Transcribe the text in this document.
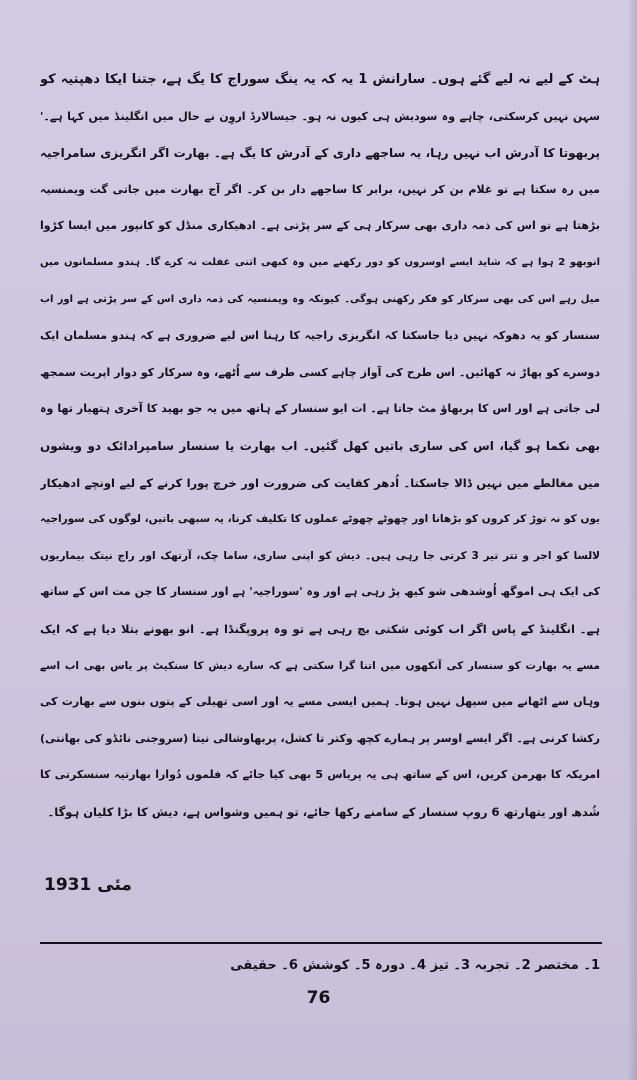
ہٹ کے لیے نہ لیے گئے ہوں۔ سارانش 1 یہ کہ یہ ینگ سوراج کا یگ ہے، جتنا ایکا دھپتیہ کو
سہن نہیں کرسکتی، چاہے وہ سودیش ہی کیوں نہ ہو۔ جیسالارڈ اروِن نے حال میں انگلینڈ میں کہا ہے۔'
پربھوتا کا آدرش اب نہیں رہا، یہ ساجھے داری کے آدرش کا یگ ہے۔ بھارت اگر انگریزی سامراجیہ
میں رہ سکتا ہے تو غلام بن کر نہیں، برابر کا ساجھے دار بن کر۔ اگر آج بھارت میں جاتی گت ویمنسیہ
بڑھتا ہے تو اس کی ذمہ داری بھی سرکار ہی کے سر پڑتی ہے۔ ادھیکاری منڈل کو کانپور میں ایسا کڑوا
انوبھو 2 ہوا ہے کہ شاید ایسے اوسروں کو دور رکھنے میں وہ کبھی اتنی غفلت نہ کرے گا۔ ہندو مسلمانوں میں
میل رہے اس کی بھی سرکار کو فکر رکھنی ہوگی۔ کیونکہ وہ ویمنسیہ کی ذمہ داری اس کے سر پڑتی ہے اور اب
سنسار کو یہ دھوکہ نہیں دیا جاسکتا کہ انگریزی راجیہ کا رہنا اس لیے ضروری ہے کہ ہندو مسلمان ایک
دوسرے کو پھاڑ نہ کھائیں۔ اس طرح کی آواز چاہے کسی طرف سے اُٹھے، وہ سرکار کو دوار اپریت سمجھ
لی جاتی ہے اور اس کا پربھاؤ مٹ جاتا ہے۔ ات ایو سنسار کے ہاتھ میں یہ جو بھید کا آخری ہتھیار تھا وہ
بھی نکما ہو گیا، اس کی ساری باتیں کھل گئیں۔ اب بھارت یا سنسار سامپرادائک دو ویشوں
میں مغالطے میں نہیں ڈالا جاسکتا۔ اُدھر کفایت کی ضرورت اور خرچ پورا کرنے کے لیے اونچے ادھیکار
یوں کو نہ توڑ کر کروں کو بڑھانا اور چھوٹے چھوٹے عملوں کا تکلیف کرنا، یہ سبھی باتیں، لوگوں کی سوراجیہ
لالسا کو اجر و تتر تیر 3 کرتی جا رہی ہیں۔ دیش کو اپنی ساری، ساما چک، آرتھک اور راج نیتک بیماریوں
کی ایک ہی اموگھ اُوشدھی شو کیھ پڑ رہی ہے اور وہ 'سوراجیہ' ہے اور سنسار کا جن مت اس کے ساتھ
ہے۔ انگلینڈ کے پاس اگر اب کوئی شکتی بچ رہی ہے تو وہ پروپگنڈا ہے۔ انو بھونے بتلا دیا ہے کہ ایک
مسے یہ بھارت کو سنسار کی آنکھوں میں اتنا گرا سکتی ہے کہ سارے دیش کا سنکیٹ پر یاس بھی اب اسے
وہاں سے اٹھانے میں سپھل نہیں ہوتا۔ ہمیں ایسی مسے یہ اور اسی تھیلی کے پتوں بنوں سے بھارت کی
رکشا کرنی ہے۔ اگر ایسے اوسر پر ہمارے کچھ وکتر تا کشل، پربھاوشالی نیتا (سروجنی نائڈو کی بھانتی)
امریکہ کا بھرمن کریں، اس کے ساتھ ہی یہ پریاس 5 بھی کیا جائے کہ فلموں دُوارا بھارتیہ سنسکرتی کا
شُدھ اور یتھارتھ 6 روپ سنسار کے سامنے رکھا جائے، تو ہمیں وشواس ہے، دیش کا بڑا کلیان ہوگا۔
مئی 1931
1۔ مختصر 2۔ تجربہ 3۔ تیز 4۔ دورہ 5۔ کوشش 6۔ حقیقی
76
